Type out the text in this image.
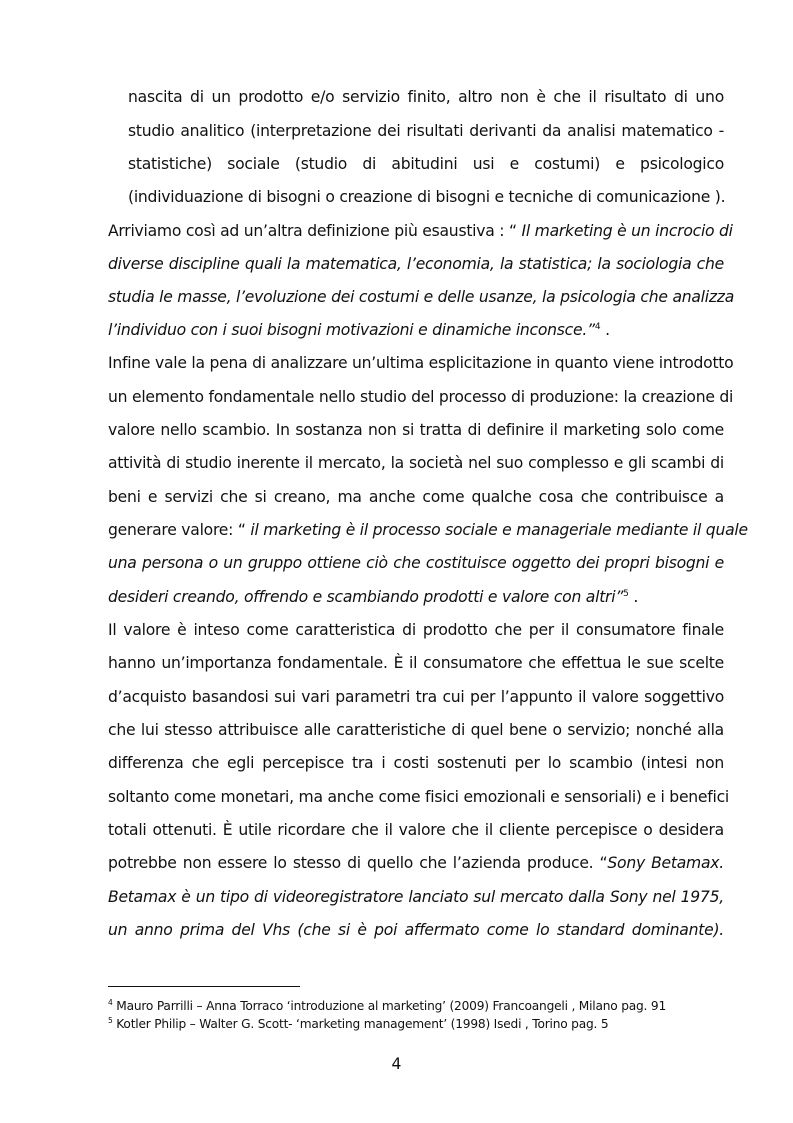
nascita di un prodotto e/o servizio finito, altro non è che il risultato di uno
studio analitico (interpretazione dei risultati derivanti da analisi matematico -
statistiche) sociale (studio di abitudini usi e costumi) e psicologico
(individuazione di bisogni o creazione di bisogni e tecniche di comunicazione ).
Arriviamo così ad un’altra definizione più esaustiva : “ Il marketing è un incrocio di
diverse discipline quali la matematica, l’economia, la statistica; la sociologia che
studia le masse, l’evoluzione dei costumi e delle usanze, la psicologia che analizza
l’individuo con i suoi bisogni motivazioni e dinamiche inconsce.”$^4$ .
Infine vale la pena di analizzare un’ultima esplicitazione in quanto viene introdotto
un elemento fondamentale nello studio del processo di produzione: la creazione di
valore nello scambio. In sostanza non si tratta di definire il marketing solo come
attività di studio inerente il mercato, la società nel suo complesso e gli scambi di
beni e servizi che si creano, ma anche come qualche cosa che contribuisce a
generare valore: “ il marketing è il processo sociale e manageriale mediante il quale
una persona o un gruppo ottiene ciò che costituisce oggetto dei propri bisogni e
desideri creando, offrendo e scambiando prodotti e valore con altri”$^5$ .
Il valore è inteso come caratteristica di prodotto che per il consumatore finale
hanno un’importanza fondamentale. È il consumatore che effettua le sue scelte
d’acquisto basandosi sui vari parametri tra cui per l’appunto il valore soggettivo
che lui stesso attribuisce alle caratteristiche di quel bene o servizio; nonché alla
differenza che egli percepisce tra i costi sostenuti per lo scambio (intesi non
soltanto come monetari, ma anche come fisici emozionali e sensoriali) e i benefici
totali ottenuti. È utile ricordare che il valore che il cliente percepisce o desidera
potrebbe non essere lo stesso di quello che l’azienda produce. “Sony Betamax.
Betamax è un tipo di videoregistratore lanciato sul mercato dalla Sony nel 1975,
un anno prima del Vhs (che si è poi affermato come lo standard dominante).
$^4$ Mauro Parrilli – Anna Torraco ‘introduzione al marketing’ (2009) Francoangeli , Milano pag. 91
$^5$ Kotler Philip – Walter G. Scott- ‘marketing management’ (1998) Isedi , Torino pag. 5
4
